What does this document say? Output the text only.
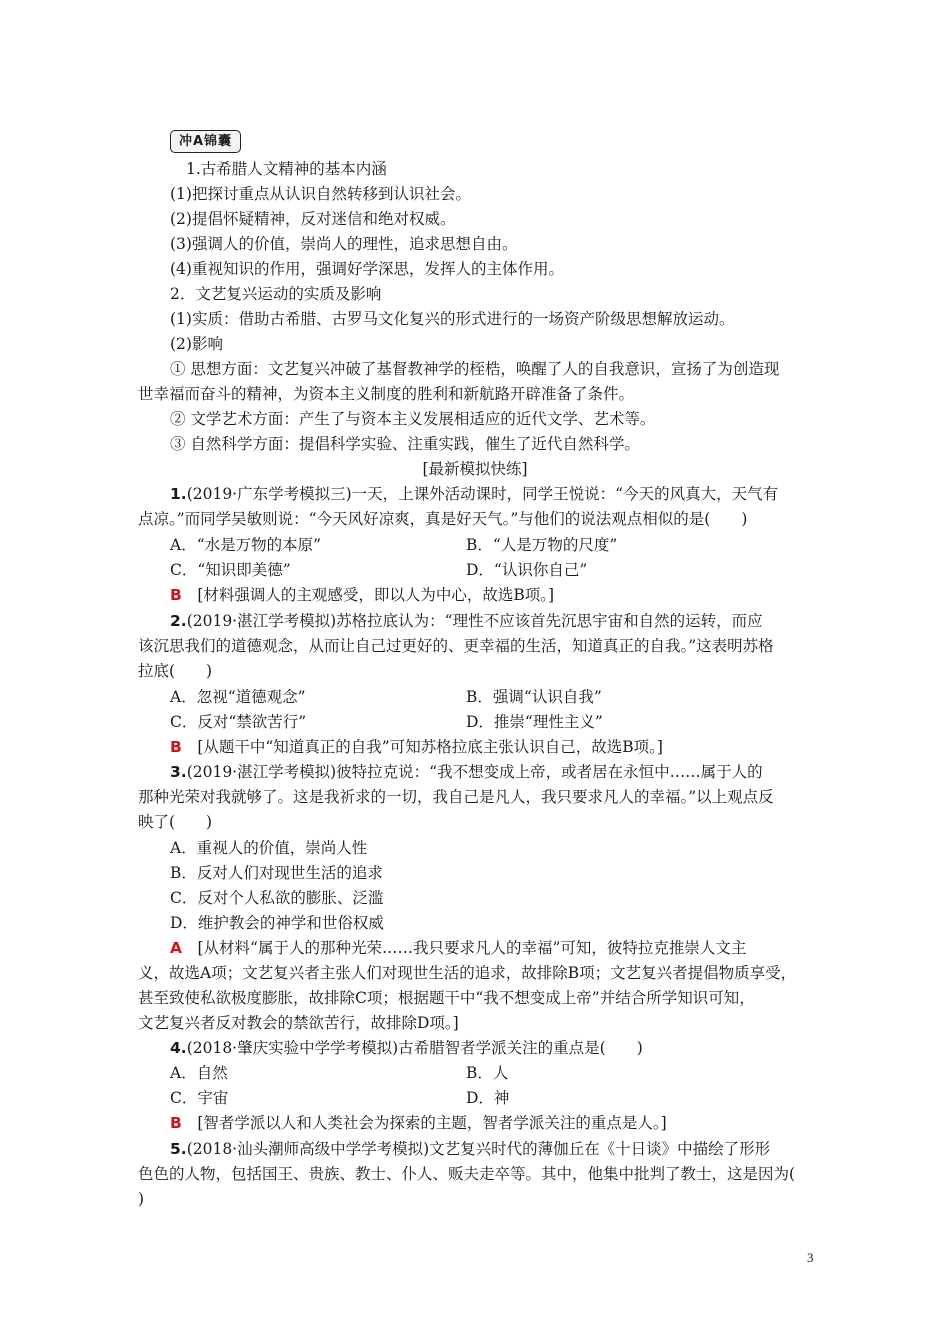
冲A锦囊
1.古希腊人文精神的基本内涵
(1)把探讨重点从认识自然转移到认识社会。
(2)提倡怀疑精神，反对迷信和绝对权威。
(3)强调人的价值，崇尚人的理性，追求思想自由。
(4)重视知识的作用，强调好学深思，发挥人的主体作用。
2．文艺复兴运动的实质及影响
(1)实质：借助古希腊、古罗马文化复兴的形式进行的一场资产阶级思想解放运动。
(2)影响
① 思想方面：文艺复兴冲破了基督教神学的桎梏，唤醒了人的自我意识，宣扬了为创造现
世幸福而奋斗的精神，为资本主义制度的胜利和新航路开辟准备了条件。
② 文学艺术方面：产生了与资本主义发展相适应的近代文学、艺术等。
③ 自然科学方面：提倡科学实验、注重实践，催生了近代自然科学。
[最新模拟快练]
1.(2019·广东学考模拟三)一天，上课外活动课时，同学王悦说：“今天的风真大，天气有
点凉。”而同学吴敏则说：“今天风好凉爽，真是好天气。”与他们的说法观点相似的是(　　)
A．“水是万物的本原”	B．“人是万物的尺度”
C．“知识即美德”	D．“认识你自己”
B  [材料强调人的主观感受，即以人为中心，故选B项。]
2.(2019·湛江学考模拟)苏格拉底认为：“理性不应该首先沉思宇宙和自然的运转，而应
该沉思我们的道德观念，从而让自己过更好的、更幸福的生活，知道真正的自我。”这表明苏格
拉底(　　)
A．忽视“道德观念”	B．强调“认识自我”
C．反对“禁欲苦行”	D．推崇“理性主义”
B  [从题干中“知道真正的自我”可知苏格拉底主张认识自己，故选B项。]
3.(2019·湛江学考模拟)彼特拉克说：“我不想变成上帝，或者居在永恒中……属于人的
那种光荣对我就够了。这是我祈求的一切，我自己是凡人，我只要求凡人的幸福。”以上观点反
映了(　　)
A．重视人的价值，崇尚人性
B．反对人们对现世生活的追求
C．反对个人私欲的膨胀、泛滥
D．维护教会的神学和世俗权威
A  [从材料“属于人的那种光荣……我只要求凡人的幸福”可知，彼特拉克推崇人文主
义，故选A项；文艺复兴者主张人们对现世生活的追求，故排除B项；文艺复兴者提倡物质享受，
甚至致使私欲极度膨胀，故排除C项；根据题干中“我不想变成上帝”并结合所学知识可知，
文艺复兴者反对教会的禁欲苦行，故排除D项。]
4.(2018·肇庆实验中学学考模拟)古希腊智者学派关注的重点是(　　)
A．自然	B．人
C．宇宙	D．神
B  [智者学派以人和人类社会为探索的主题，智者学派关注的重点是人。]
5.(2018·汕头潮师高级中学学考模拟)文艺复兴时代的薄伽丘在《十日谈》中描绘了形形
色色的人物，包括国王、贵族、教士、仆人、贩夫走卒等。其中，他集中批判了教士，这是因为(
)
3
